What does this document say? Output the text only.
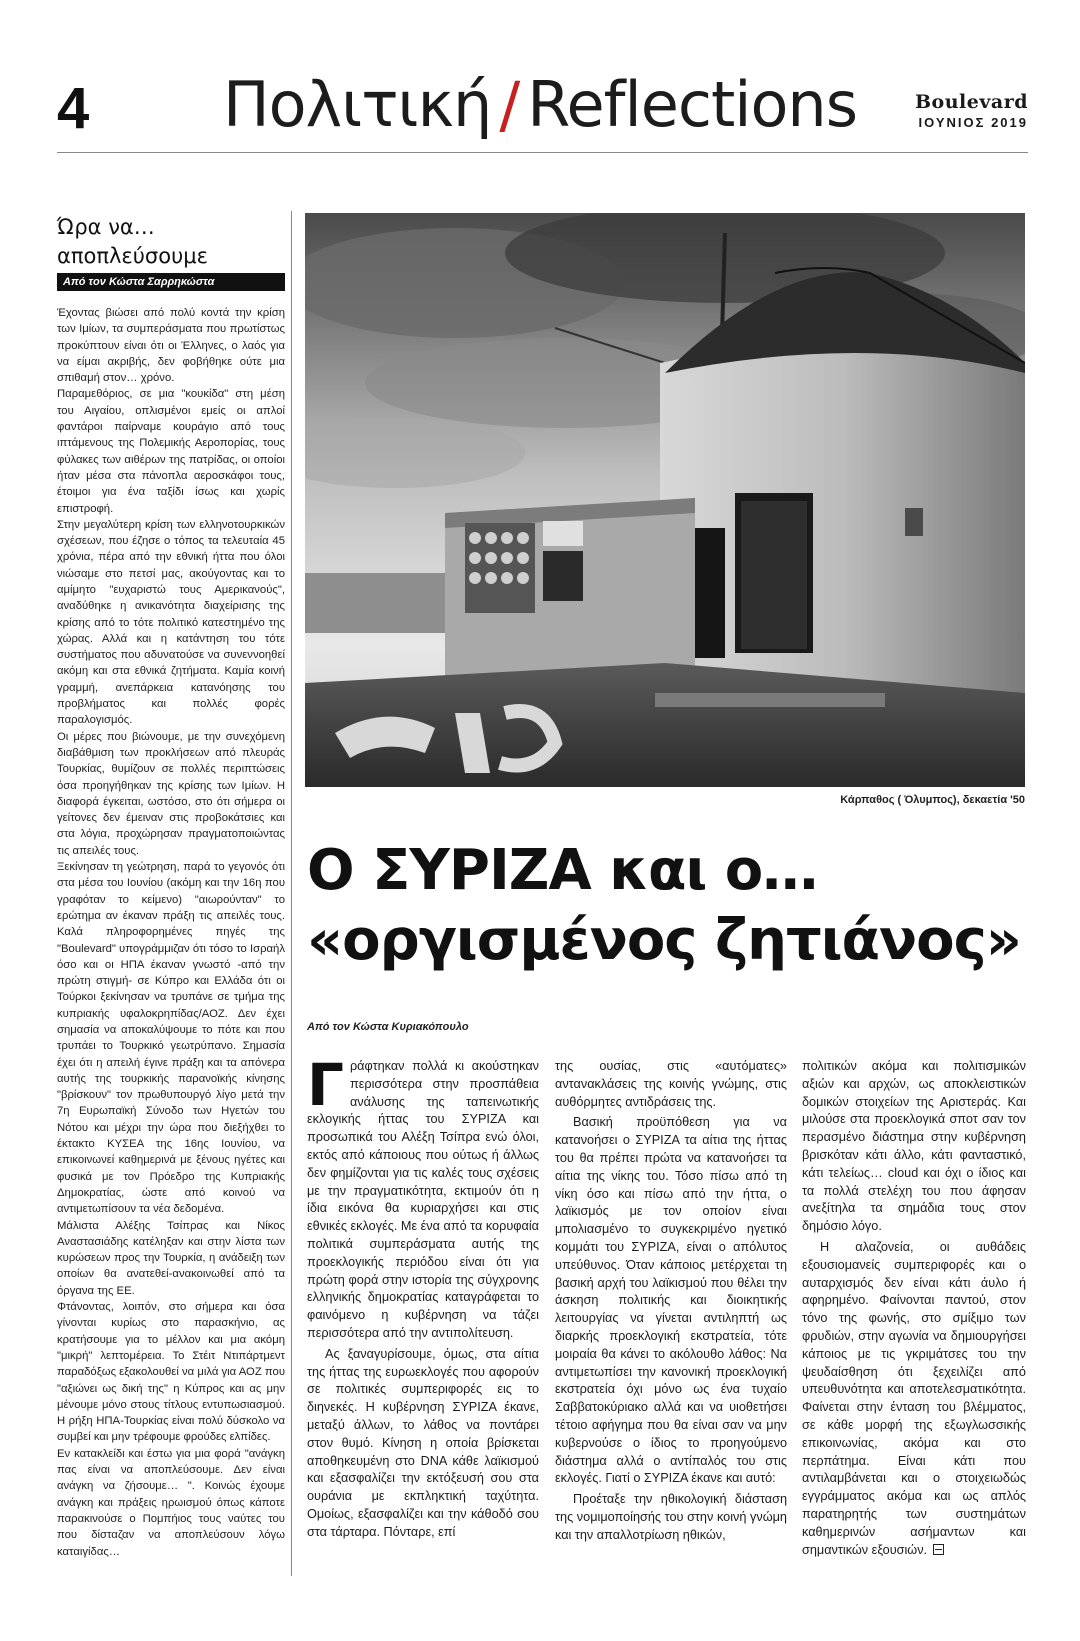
4	Πολιτική / Reflections	Boulevard
ΙΟΥΝΙΟΣ 2019
Ώρα να… αποπλεύσουμε
Από τον Κώστα Σαρρηκώστα

Έχοντας βιώσει από πολύ κοντά την κρίση των Ιμίων, τα συμπεράσματα που πρωτίστως προκύπτουν είναι ότι οι Έλληνες, ο λαός για να είμαι ακριβής, δεν φοβήθηκε ούτε μια σπιθαμή στον… χρόνο.

Παραμεθόριος, σε μια "κουκίδα" στη μέση του Αιγαίου, οπλισμένοι εμείς οι απλοί φαντάροι παίρναμε κουράγιο από τους ιπτάμενους της Πολεμικής Αεροπορίας, τους φύλακες των αιθέρων της πατρίδας, οι οποίοι ήταν μέσα στα πάνοπλα αεροσκάφοι τους, έτοιμοι για ένα ταξίδι ίσως και χωρίς επιστροφή.

Στην μεγαλύτερη κρίση των ελληνοτουρκικών σχέσεων, που έζησε ο τόπος τα τελευταία 45 χρόνια, πέρα από την εθνική ήττα που όλοι νιώσαμε στο πετσί μας, ακούγοντας και το αμίμητο "ευχαριστώ τους Αμερικανούς", αναδύθηκε η ανικανότητα διαχείρισης της κρίσης από το τότε πολιτικό κατεστημένο της χώρας. Αλλά και η κατάντηση του τότε συστήματος που αδυνατούσε να συνεννοηθεί ακόμη και στα εθνικά ζητήματα. Καμία κοινή γραμμή, ανεπάρκεια κατανόησης του προβλήματος και πολλές φορές παραλογισμός.

Οι μέρες που βιώνουμε, με την συνεχόμενη διαβάθμιση των προκλήσεων από πλευράς Τουρκίας, θυμίζουν σε πολλές περιπτώσεις όσα προηγήθηκαν της κρίσης των Ιμίων. Η διαφορά έγκειται, ωστόσο, στο ότι σήμερα οι γείτονες δεν έμειναν στις προβοκάτσιες και στα λόγια, προχώρησαν πραγματοποιώντας τις απειλές τους.

Ξεκίνησαν τη γεώτρηση, παρά το γεγονός ότι στα μέσα του Ιουνίου (ακόμη και την 16η που γραφόταν το κείμενο) "αιωρούνταν" το ερώτημα αν έκαναν πράξη τις απειλές τους. Καλά πληροφορημένες πηγές της "Boulevard" υπογράμμιζαν ότι τόσο το Ισραήλ όσο και οι ΗΠΑ έκαναν γνωστό -από την πρώτη στιγμή- σε Κύπρο και Ελλάδα ότι οι Τούρκοι ξεκίνησαν να τρυπάνε σε τμήμα της κυπριακής υφαλοκρηπίδας/ΑΟΖ. Δεν έχει σημασία να αποκαλύψουμε το πότε και που τρυπάει το Τουρκικό γεωτρύπανο. Σημασία έχει ότι η απειλή έγινε πράξη και τα απόνερα αυτής της τουρκικής παρανοϊκής κίνησης "βρίσκουν" τον πρωθυπουργό λίγο μετά την 7η Ευρωπαϊκή Σύνοδο των Ηγετών του Νότου και μέχρι την ώρα που διεξήχθει το έκτακτο ΚΥΣΕΑ της 16ης Ιουνίου, να επικοινωνεί καθημερινά με ξένους ηγέτες και φυσικά με τον Πρόεδρο της Κυπριακής Δημοκρατίας, ώστε από κοινού να αντιμετωπίσουν τα νέα δεδομένα.

Μάλιστα Αλέξης Τσίπρας και Νίκος Αναστασιάδης κατέληξαν και στην λίστα των κυρώσεων προς την Τουρκία, η ανάδειξη των οποίων θα ανατεθεί-ανακοινωθεί από τα όργανα της ΕΕ.

Φτάνοντας, λοιπόν, στο σήμερα και όσα γίνονται κυρίως στο παρασκήνιο, ας κρατήσουμε για το μέλλον και μια ακόμη "μικρή" λεπτομέρεια. Το Στέιτ Ντιπάρτμεντ παραδόξως εξακολουθεί να μιλά για ΑΟΖ που "αξιώνει ως δική της" η Κύπρος και ας μην μένουμε μόνο στους τίτλους εντυπωσιασμού. Η ρήξη ΗΠΑ-Τουρκίας είναι πολύ δύσκολο να συμβεί και μην τρέφουμε φρούδες ελπίδες.

Εν κατακλείδι και έστω για μια φορά "ανάγκη πας είναι να αποπλεύσουμε. Δεν είναι ανάγκη να ζήσουμε… ". Κοινώς έχουμε ανάγκη και πράξεις ηρωισμού όπως κάποτε παρακινούσε ο Πομπήιος τους ναύτες του που δίσταζαν να αποπλεύσουν λόγω καταιγίδας…

Κάρπαθος ( Όλυμπος), δεκαετία '50
Ο ΣΥΡΙΖΑ και ο…
«οργισμένος ζητιάνος»
Από τον Κώστα Κυριακόπουλο

Γράφτηκαν πολλά κι ακούστηκαν περισσότερα στην προσπάθεια ανάλυσης της ταπεινωτικής εκλογικής ήττας του ΣΥΡΙΖΑ και προσωπικά του Αλέξη Τσίπρα ενώ όλοι, εκτός από κάποιους που ούτως ή άλλως δεν φημίζονται για τις καλές τους σχέσεις με την πραγματικότητα, εκτιμούν ότι η ίδια εικόνα θα κυριαρχήσει και στις εθνικές εκλογές. Με ένα από τα κορυφαία πολιτικά συμπεράσματα αυτής της προεκλογικής περιόδου είναι ότι για πρώτη φορά στην ιστορία της σύγχρονης ελληνικής δημοκρατίας καταγράφεται το φαινόμενο η κυβέρνηση να τάζει περισσότερα από την αντιπολίτευση.

Ας ξαναγυρίσουμε, όμως, στα αίτια της ήττας της ευρωεκλογές που αφορούν σε πολιτικές συμπεριφορές εις το διηνεκές. Η κυβέρνηση ΣΥΡΙΖΑ έκανε, μεταξύ άλλων, το λάθος να ποντάρει στον θυμό. Κίνηση η οποία βρίσκεται αποθηκευμένη στο DNA κάθε λαϊκισμού και εξασφαλίζει την εκτόξευσή σου στα ουράνια με εκπληκτική ταχύτητα. Ομοίως, εξασφαλίζει και την κάθοδό σου στα τάρταρα. Πόνταρε, επί

της ουσίας, στις «αυτόματες» αντανακλάσεις της κοινής γνώμης, στις αυθόρμητες αντιδράσεις της.

Βασική προϋπόθεση για να κατανοήσει ο ΣΥΡΙΖΑ τα αίτια της ήττας του θα πρέπει πρώτα να κατανοήσει τα αίτια της νίκης του. Τόσο πίσω από τη νίκη όσο και πίσω από την ήττα, ο λαϊκισμός με τον οποίον είναι μπολιασμένο το συγκεκριμένο ηγετικό κομμάτι του ΣΥΡΙΖΑ, είναι ο απόλυτος υπεύθυνος. Όταν κάποιος μετέρχεται τη βασική αρχή του λαϊκισμού που θέλει την άσκηση πολιτικής και διοικητικής λειτουργίας να γίνεται αντιληπτή ως διαρκής προεκλογική εκστρατεία, τότε μοιραία θα κάνει το ακόλουθο λάθος: Να αντιμετωπίσει την κανονική προεκλογική εκστρατεία όχι μόνο ως ένα τυχαίο Σαββατοκύριακο αλλά και να υιοθετήσει τέτοιο αφήγημα που θα είναι σαν να μην κυβερνούσε ο ίδιος το προηγούμενο διάστημα αλλά ο αντίπαλός του στις εκλογές. Γιατί ο ΣΥΡΙΖΑ έκανε και αυτό:

Προέταξε την ηθικολογική διάσταση της νομιμοποίησής του στην κοινή γνώμη και την απαλλοτρίωση ηθικών,

πολιτικών ακόμα και πολιτισμικών αξιών και αρχών, ως αποκλειστικών δομικών στοιχείων της Αριστεράς. Και μιλούσε στα προεκλογικά σποτ σαν τον περασμένο διάστημα στην κυβέρνηση βρισκόταν κάτι άλλο, κάτι φανταστικό, κάτι τελείως… cloud και όχι ο ίδιος και τα πολλά στελέχη του που άφησαν ανεξίτηλα τα σημάδια τους στον δημόσιο λόγο.

Η αλαζονεία, οι αυθάδεις εξουσιομανείς συμπεριφορές και ο αυταρχισμός δεν είναι κάτι άυλο ή αφηρημένο. Φαίνονται παντού, στον τόνο της φωνής, στο σμίξιμο των φρυδιών, στην αγωνία να δημιουργήσει κάποιος με τις γκριμάτσες του την ψευδαίσθηση ότι ξεχειλίζει από υπευθυνότητα και αποτελεσματικότητα. Φαίνεται στην ένταση του βλέμματος, σε κάθε μορφή της εξωγλωσσικής επικοινωνίας, ακόμα και στο περπάτημα. Είναι κάτι που αντιλαμβάνεται και ο στοιχειωδώς εγγράμματος ακόμα και ως απλός παρατηρητής των συστημάτων καθημερινών ασήμαντων και σημαντικών εξουσιών.
